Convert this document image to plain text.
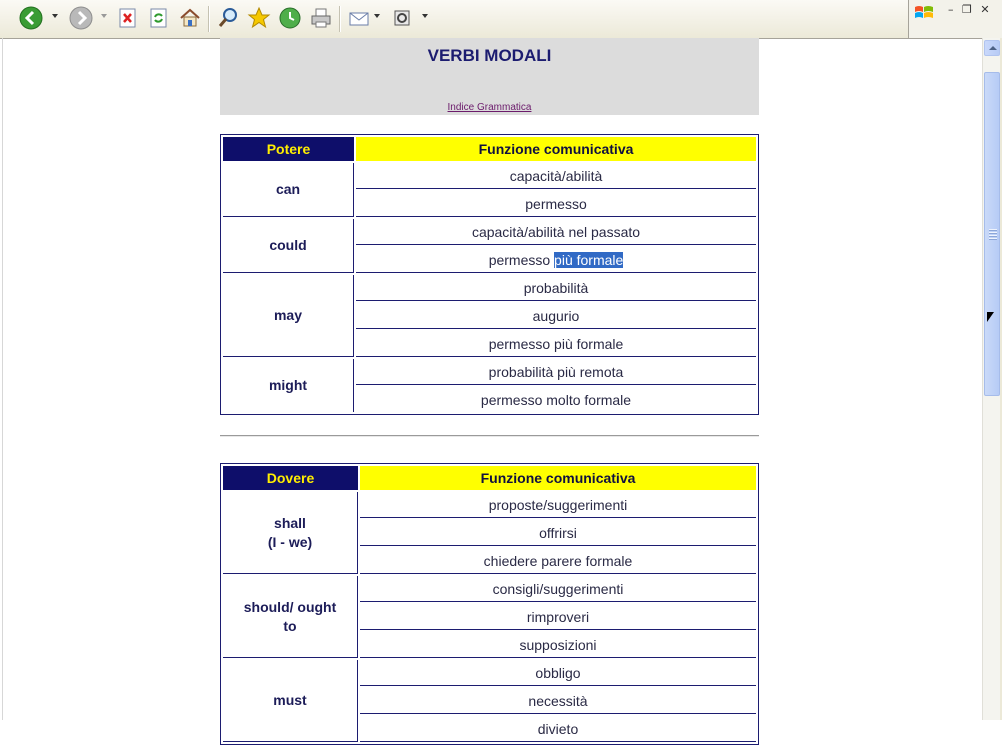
– ❐ ✕
VERBI MODALI

Indice Grammatica
Potere	Funzione comunicativa
can	capacità/abilità
	permesso
could	capacità/abilità nel passato
	permesso più formale
may	probabilità
	augurio
	permesso più formale
might	probabilità più remota
	permesso molto formale
Dovere	Funzione comunicativa
shall
(I - we)	proposte/suggerimenti
	offrirsi
	chiedere parere formale
should/ ought
to	consigli/suggerimenti
	rimproveri
	supposizioni
must	obbligo
	necessità
	divieto
